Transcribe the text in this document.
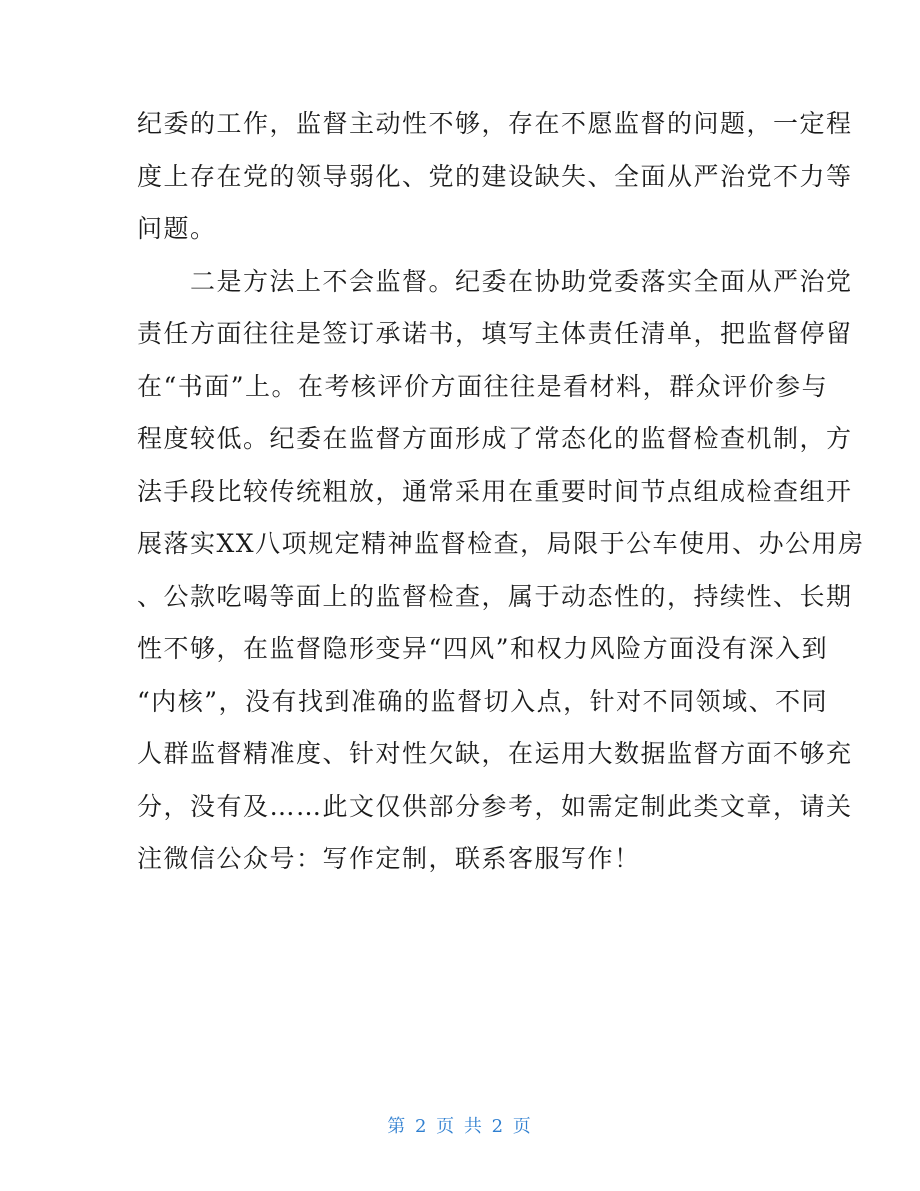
纪委的工作，监督主动性不够，存在不愿监督的问题，一定程
度上存在党的领导弱化、党的建设缺失、全面从严治党不力等
问题。
　　二是方法上不会监督。纪委在协助党委落实全面从严治党
责任方面往往是签订承诺书，填写主体责任清单，把监督停留
在“书面”上。在考核评价方面往往是看材料，群众评价参与
程度较低。纪委在监督方面形成了常态化的监督检查机制，方
法手段比较传统粗放，通常采用在重要时间节点组成检查组开
展落实XX八项规定精神监督检查，局限于公车使用、办公用房
、公款吃喝等面上的监督检查，属于动态性的，持续性、长期
性不够，在监督隐形变异“四风”和权力风险方面没有深入到
“内核”，没有找到准确的监督切入点，针对不同领域、不同
人群监督精准度、针对性欠缺，在运用大数据监督方面不够充
分，没有及……此文仅供部分参考，如需定制此类文章，请关
注微信公众号：写作定制，联系客服写作！
第 2 页 共 2 页
